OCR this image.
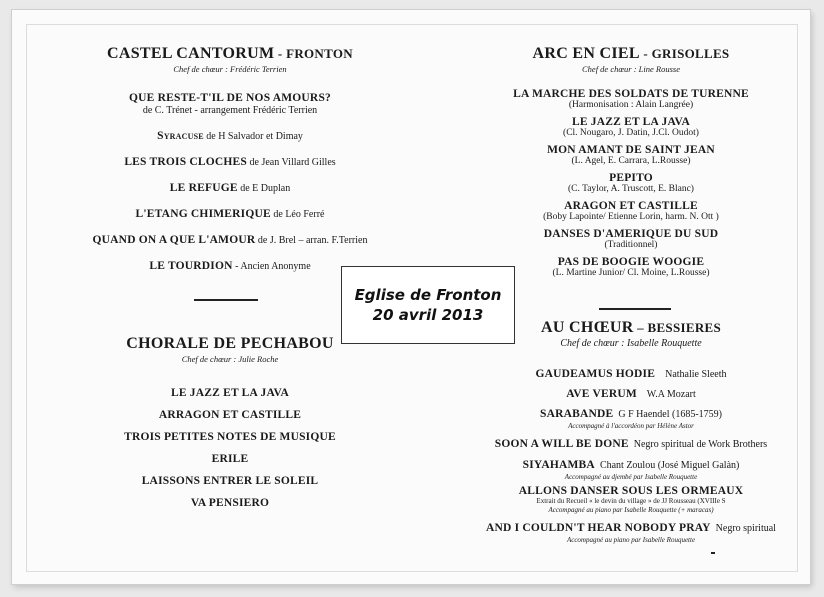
CASTEL CANTORUM - FRONTON

Chef de chœur : Frédéric Terrien

QUE RESTE-T'IL DE NOS AMOURS?
de C. Trénet - arrangement Frédéric Terrien
Syracuse de H Salvador et Dimay
LES TROIS CLOCHES de Jean Villard Gilles
LE REFUGE de E Duplan
L'ETANG CHIMERIQUE de Léo Ferré
QUAND ON A QUE L'AMOUR de J. Brel – arran. F.Terrien
LE TOURDION - Ancien Anonyme

CHORALE DE PECHABOU

Chef de chœur : Julie Roche

LE JAZZ ET LA JAVA
ARRAGON ET CASTILLE
TROIS PETITES NOTES DE MUSIQUE
ERILE
LAISSONS ENTRER LE SOLEIL
VA PENSIERO
Eglise de Fronton
20 avril 2013

ARC EN CIEL - GRISOLLES

Chef de chœur : Line Rousse

LA MARCHE DES SOLDATS DE TURENNE
(Harmonisation : Alain Langrée)
LE JAZZ ET LA JAVA
(Cl. Nougaro, J. Datin, J.Cl. Oudot)
MON AMANT DE SAINT JEAN
(L. Agel, E. Carrara, L.Rousse)
PEPITO
(C. Taylor, A. Truscott, E. Blanc)
ARAGON ET CASTILLE
(Boby Lapointe/ Etienne Lorin, harm. N. Ott )
DANSES D'AMERIQUE DU SUD
(Traditionnel)
PAS DE BOOGIE WOOGIE
(L. Martine Junior/ Cl. Moine, L.Rousse)

AU CHŒUR – BESSIERES

Chef de chœur : Isabelle Rouquette

GAUDEAMUS HODIE    Nathalie Sleeth
AVE VERUM    W.A Mozart
SARABANDE  G F Haendel (1685-1759)
Accompagné à l'accordéon par Hélène Astor
SOON A WILL BE DONE  Negro spiritual de Work Brothers
SIYAHAMBA  Chant Zoulou (José Miguel Galàn)
Accompagné au djembé par Isabelle Rouquette
ALLONS DANSER SOUS LES ORMEAUX
Extrait du Recueil « le devin du village » de JJ Rousseau (XVIIIe S
Accompagné au piano par Isabelle Rouquette (+ maracas)
AND I COULDN'T HEAR NOBODY PRAY  Negro spiritual
Accompagné au piano par Isabelle Rouquette
